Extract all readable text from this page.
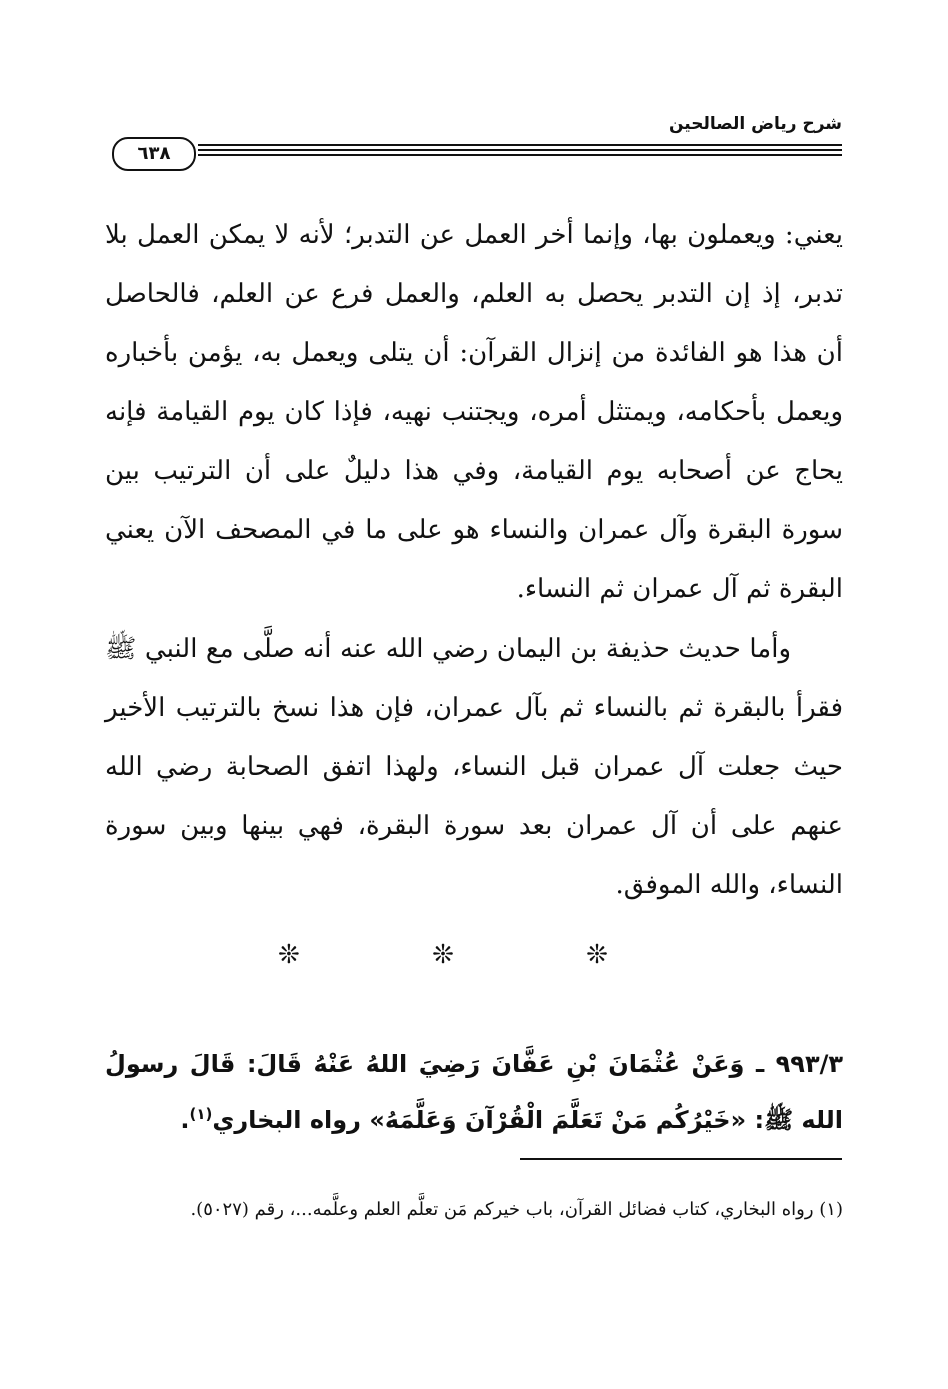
شرح رياض الصالحين
٦٣٨
يعني: ويعملون بها، وإنما أخر العمل عن التدبر؛ لأنه لا يمكن العمل بلا تدبر، إذ إن التدبر يحصل به العلم، والعمل فرع عن العلم، فالحاصل أن هذا هو الفائدة من إنزال القرآن: أن يتلى ويعمل به، يؤمن بأخباره ويعمل بأحكامه، ويمتثل أمره، ويجتنب نهيه، فإذا كان يوم القيامة فإنه يحاج عن أصحابه يوم القيامة، وفي هذا دليلٌ على أن الترتيب بين سورة البقرة وآل عمران والنساء هو على ما في المصحف الآن يعني البقرة ثم آل عمران ثم النساء.
وأما حديث حذيفة بن اليمان رضي الله عنه أنه صلَّى مع النبي ﷺ فقرأ بالبقرة ثم بالنساء ثم بآل عمران، فإن هذا نسخ بالترتيب الأخير حيث جعلت آل عمران قبل النساء، ولهذا اتفق الصحابة رضي الله عنهم على أن آل عمران بعد سورة البقرة، فهي بينها وبين سورة النساء، والله الموفق.
❊ ❊ ❊
٩٩٣/٣ ـ وَعَنْ عُثْمَانَ بْنِ عَفَّانَ رَضِيَ اللهُ عَنْهُ قَالَ: قَالَ رسولُ الله ﷺ: «خَيْرُكُم مَنْ تَعَلَّمَ الْقُرْآنَ وَعَلَّمَهُ» رواه البخاري$^{(١)}$.
(١) رواه البخاري، كتاب فضائل القرآن، باب خيركم مَن تعلَّم العلم وعلَّمه...، رقم (٥٠٢٧).
